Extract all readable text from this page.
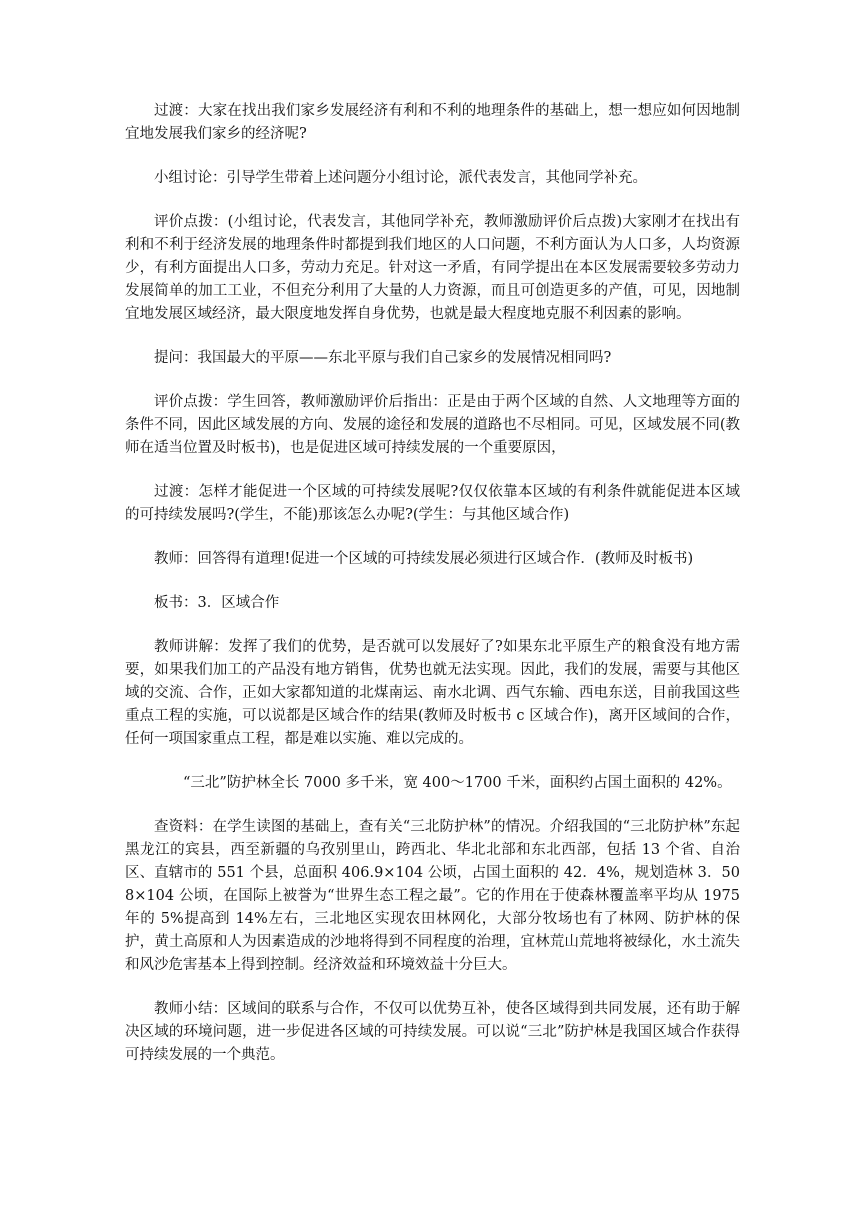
过渡：大家在找出我们家乡发展经济有利和不利的地理条件的基础上，想一想应如何因地制宜地发展我们家乡的经济呢?

小组讨论：引导学生带着上述问题分小组讨论，派代表发言，其他同学补充。

评价点拨：(小组讨论，代表发言，其他同学补充，教师激励评价后点拨)大家刚才在找出有利和不利于经济发展的地理条件时都提到我们地区的人口问题，不利方面认为人口多，人均资源少，有利方面提出人口多，劳动力充足。针对这一矛盾，有同学提出在本区发展需要较多劳动力发展简单的加工工业，不但充分利用了大量的人力资源，而且可创造更多的产值，可见，因地制宜地发展区域经济，最大限度地发挥自身优势，也就是最大程度地克服不利因素的影响。

提问：我国最大的平原——东北平原与我们自己家乡的发展情况相同吗?

评价点拨：学生回答，教师激励评价后指出：正是由于两个区域的自然、人文地理等方面的条件不同，因此区域发展的方向、发展的途径和发展的道路也不尽相同。可见，区域发展不同(教师在适当位置及时板书)，也是促进区域可持续发展的一个重要原因，

过渡：怎样才能促进一个区域的可持续发展呢?仅仅依靠本区域的有利条件就能促进本区域的可持续发展吗?(学生，不能)那该怎么办呢?(学生：与其他区域合作)

教师：回答得有道理!促进一个区域的可持续发展必须进行区域合作．(教师及时板书)

板书：3．区域合作

教师讲解：发挥了我们的优势，是否就可以发展好了?如果东北平原生产的粮食没有地方需要，如果我们加工的产品没有地方销售，优势也就无法实现。因此，我们的发展，需要与其他区域的交流、合作，正如大家都知道的北煤南运、南水北调、西气东输、西电东送，目前我国这些重点工程的实施，可以说都是区域合作的结果(教师及时板书 c 区域合作)，离开区域间的合作，任何一项国家重点工程，都是难以实施、难以完成的。

“三北”防护林全长 7000 多千米，宽 400～1700 千米，面积约占国土面积的 42%。

查资料：在学生读图的基础上，查有关“三北防护林”的情况。介绍我国的“三北防护林”东起黑龙江的宾县，西至新疆的乌孜别里山，跨西北、华北北部和东北西部，包括 13 个省、自治区、直辖市的 551 个县，总面积 406.9×104 公顷，占国土面积的 42．4%，规划造林 3．508×104 公顷，在国际上被誉为“世界生态工程之最”。它的作用在于使森林覆盖率平均从 1975 年的 5%提高到 14%左右，三北地区实现农田林网化，大部分牧场也有了林网、防护林的保护，黄土高原和人为因素造成的沙地将得到不同程度的治理，宜林荒山荒地将被绿化，水土流失和风沙危害基本上得到控制。经济效益和环境效益十分巨大。

教师小结：区域间的联系与合作，不仅可以优势互补，使各区域得到共同发展，还有助于解决区域的环境问题，进一步促进各区域的可持续发展。可以说“三北”防护林是我国区域合作获得可持续发展的一个典范。
